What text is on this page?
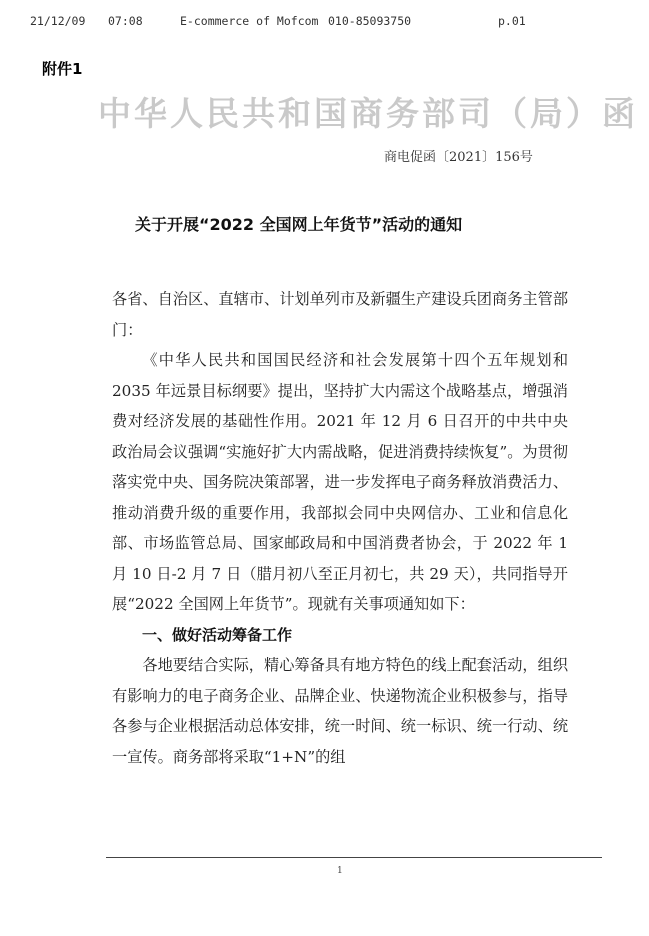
21/12/09 07:08	E-commerce of Mofcom 010-85093750	p.01
附件1
中华人民共和国商务部司（局）函
商电促函〔2021〕156号
关于开展“2022 全国网上年货节”活动的通知

各省、自治区、直辖市、计划单列市及新疆生产建设兵团商务主管部门：

《中华人民共和国国民经济和社会发展第十四个五年规划和 2035 年远景目标纲要》提出，坚持扩大内需这个战略基点，增强消费对经济发展的基础性作用。2021 年 12 月 6 日召开的中共中央政治局会议强调“实施好扩大内需战略，促进消费持续恢复”。为贯彻落实党中央、国务院决策部署，进一步发挥电子商务释放消费活力、推动消费升级的重要作用，我部拟会同中央网信办、工业和信息化部、市场监管总局、国家邮政局和中国消费者协会，于 2022 年 1 月 10 日-2 月 7 日（腊月初八至正月初七，共 29 天），共同指导开展“2022 全国网上年货节”。现就有关事项通知如下：

一、做好活动筹备工作

各地要结合实际，精心筹备具有地方特色的线上配套活动，组织有影响力的电子商务企业、品牌企业、快递物流企业积极参与，指导各参与企业根据活动总体安排，统一时间、统一标识、统一行动、统一宣传。商务部将采取“1+N”的组

1
